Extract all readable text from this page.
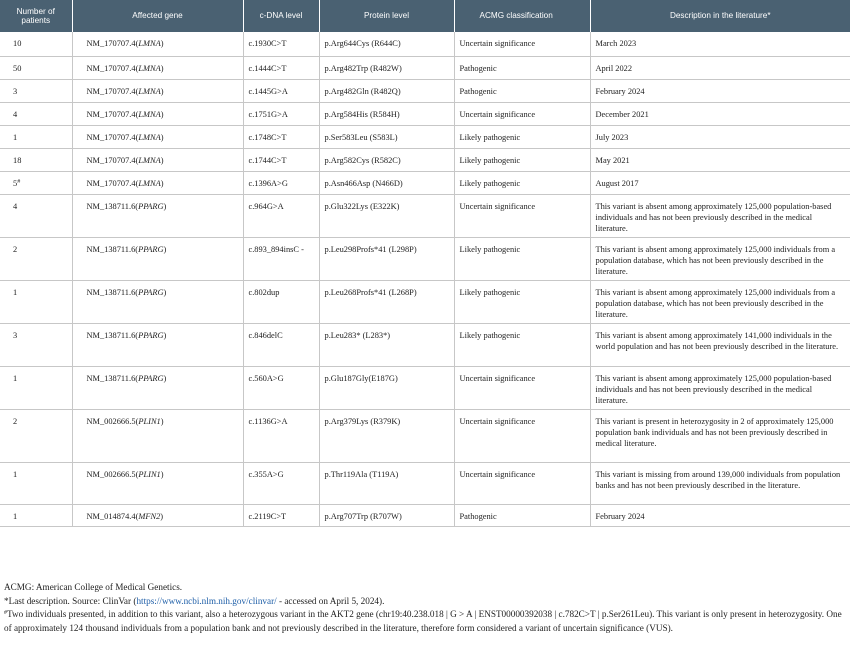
Number of patients	Affected gene	c-DNA level	Protein level	ACMG classification	Description in the literature*
10	NM_170707.4(LMNA)	c.1930C>T	p.Arg644Cys (R644C)	Uncertain significance	March 2023
50	NM_170707.4(LMNA)	c.1444C>T	p.Arg482Trp (R482W)	Pathogenic	April 2022
3	NM_170707.4(LMNA)	c.1445G>A	p.Arg482Gln (R482Q)	Pathogenic	February 2024
4	NM_170707.4(LMNA)	c.1751G>A	p.Arg584His (R584H)	Uncertain significance	December 2021
1	NM_170707.4(LMNA)	c.1748C>T	p.Ser583Leu (S583L)	Likely pathogenic	July 2023
18	NM_170707.4(LMNA)	c.1744C>T	p.Arg582Cys (R582C)	Likely pathogenic	May 2021
5#	NM_170707.4(LMNA)	c.1396A>G	p.Asn466Asp (N466D)	Likely pathogenic	August 2017
4	NM_138711.6(PPARG)	c.964G>A	p.Glu322Lys (E322K)	Uncertain significance	This variant is absent among approximately 125,000 population-based individuals and has not been previously described in the medical literature.
2	NM_138711.6(PPARG)	c.893_894insC -	p.Leu298Profs*41 (L298P)	Likely pathogenic	This variant is absent among approximately 125,000 individuals from a population database, which has not been previously described in the literature.
1	NM_138711.6(PPARG)	c.802dup	p.Leu268Profs*41 (L268P)	Likely pathogenic	This variant is absent among approximately 125,000 individuals from a population database, which has not been previously described in the literature.
3	NM_138711.6(PPARG)	c.846delC	p.Leu283* (L283*)	Likely pathogenic	This variant is absent among approximately 141,000 individuals in the world population and has not been previously described in the literature.
1	NM_138711.6(PPARG)	c.560A>G	p.Glu187Gly(E187G)	Uncertain significance	This variant is absent among approximately 125,000 population-based individuals and has not been previously described in the medical literature.
2	NM_002666.5(PLIN1)	c.1136G>A	p.Arg379Lys (R379K)	Uncertain significance	This variant is present in heterozygosity in 2 of approximately 125,000 population bank individuals and has not been previously described in medical literature.
1	NM_002666.5(PLIN1)	c.355A>G	p.Thr119Ala (T119A)	Uncertain significance	This variant is missing from around 139,000 individuals from population banks and has not been previously described in the literature.
1	NM_014874.4(MFN2)	c.2119C>T	p.Arg707Trp (R707W)	Pathogenic	February 2024

ACMG: American College of Medical Genetics.

*Last description. Source: ClinVar (https://www.ncbi.nlm.nih.gov/clinvar/ - accessed on April 5, 2024).

#Two individuals presented, in addition to this variant, also a heterozygous variant in the AKT2 gene (chr19:40.238.018 | G > A | ENST00000392038 | c.782C>T | p.Ser261Leu). This variant is only present in heterozygosity. One of approximately 124 thousand individuals from a population bank and not previously described in the literature, therefore form considered a variant of uncertain significance (VUS).
